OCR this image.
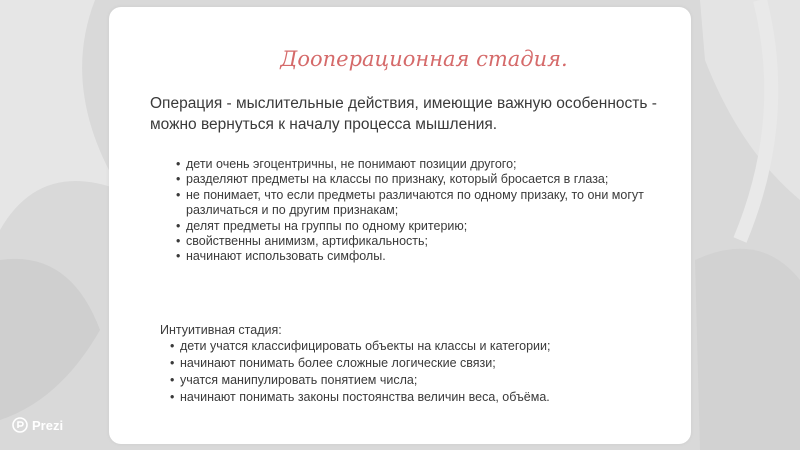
Дооперационная стадия.

Операция - мыслительные действия, имеющие важную особенность - можно вернуться к началу процесса мышления.

• дети очень эгоцентричны, не понимают позиции другого;
• разделяют предметы на классы по признаку, который бросается в глаза;
• не понимает, что если предметы различаются по одному призаку, то они могут различаться и по другим признакам;
• делят предметы на группы по одному критерию;
• свойственны анимизм, артификальность;
• начинают использовать симфолы.

Интуитивная стадия:

• дети учатся классифицировать объекты на классы и категории;
• начинают понимать более сложные логические связи;
• учатся манипулировать понятием числа;
• начинают понимать законы постоянства величин веса, объёма.
Prezi
